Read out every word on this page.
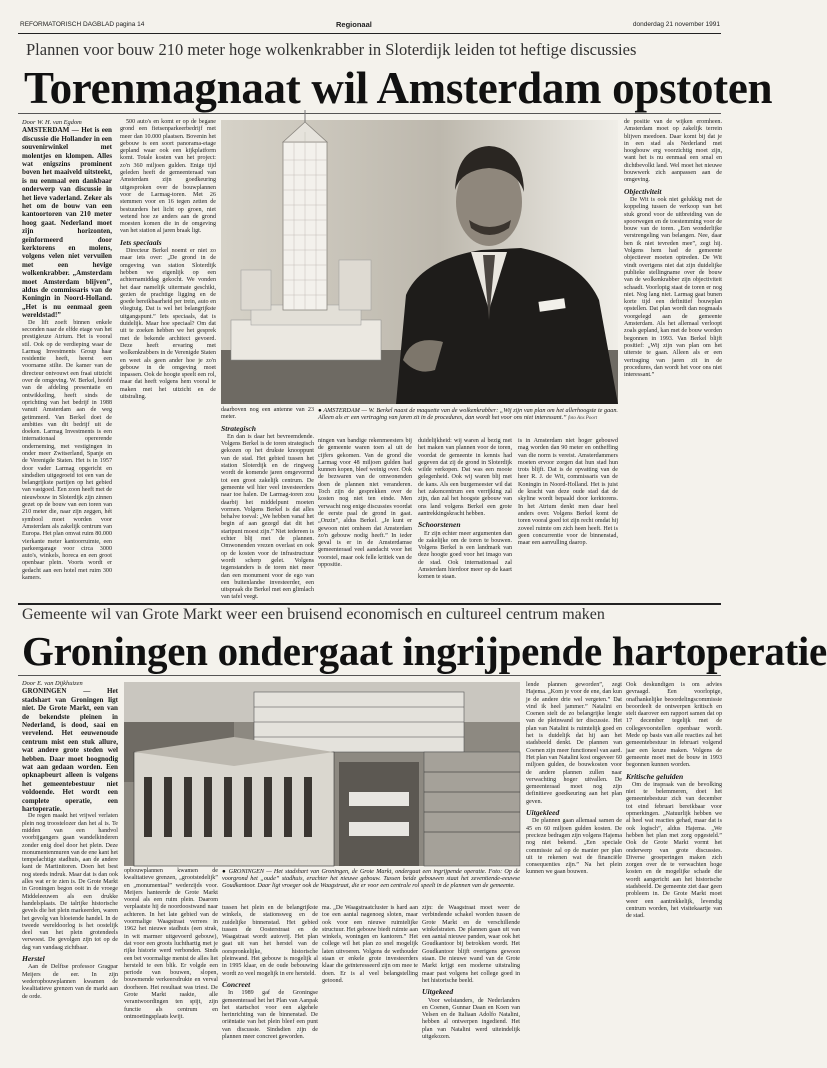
REFORMATORISCH DAGBLAD pagina 14	Regionaal	donderdag 21 november 1991
Plannen voor bouw 210 meter hoge wolkenkrabber in Sloterdijk leiden tot heftige discussies
Torenmagnaat wil Amsterdam opstoten
Door W. H. van Egdom
AMSTERDAM — Het is een discussie die Hollander in een souvenirwinkel met molentjes en klompen. Alles wat enigszins prominent boven het maaiveld uitsteekt, is nu eenmaal een dankbaar onderwerp van discussie in het lieve vaderland. Zeker als het om de bouw van een kantoortoren van 210 meter hoog gaat. Nederland moet zijn horizonten, geïnformeerd door kerktorens en molens, volgens velen niet vervuilen met een hevige wolkenkrabber. „Amsterdam moet Amsterdam blijven”, aldus de commissaris van de Koningin in Noord-Holland. „Het is nu eenmaal geen wereldstad!”

De lift zoeft binnen enkele seconden naar de elfde etage van het prestigieuze Atrium. Het is vooral stil. Ook op de verdieping waar de Larmag Investments Group haar residentie heeft, heerst een voorname stilte. De kamer van de directeur ontvouwt een fraai uitzicht over de omgeving. W. Berkel, hoofd van de afdeling presentatie en ontwikkeling, heeft sinds de oprichting van het bedrijf in 1988 vanuit Amsterdam aan de weg getimmerd. Van Berkel doet de ambities van dit bedrijf uit de doeken. Larmag Investments is een internationaal opererende onderneming, met vestigingen in onder meer Zwitserland, Spanje en de Verenigde Staten. Het is in 1957 door vader Larmag opgericht en sindsdien uitgegroeid tot een van de belangrijkste partijen op het gebied van vastgoed. Een zoon heeft met de nieuwbouw in Sloterdijk zijn zinnen gezet op de bouw van een toren van 210 meter die, naar zijn zeggen, hét symbool moet worden voor Amsterdam als zakelijk centrum van Europa. Het plan omvat ruim 80.000 vierkante meter kantoorruimte, een parkeergarage voor circa 3000 auto's, winkels, horeca en een groot openbaar plein. Voorts wordt er gedacht aan een hotel met ruim 300 kamers.

500 auto's en komt er op de begane grond een fietsenparkeerbedrijf met meer dan 10.000 plaatsen. Bovenin het gebouw is een soort panorama-etage gepland waar ook een kijkplatform komt. Totale kosten van het project: zo'n 360 miljoen gulden. Enige tijd geleden heeft de gemeenteraad van Amsterdam zijn goedkeuring uitgesproken over de bouwplannen voor de Larmag-toren. Met 26 stemmen voor en 16 tegen zetten de bestuurders het licht op groen, niet wetend hoe ze anders aan de grond moesten komen die in de omgeving van het station al jaren braak ligt.

Iets speciaals

Directeur Berkel noemt er niet zo maar iets over: „De grond in de omgeving van station Sloterdijk hebben we eigenlijk op een achternamiddag gekocht. We vonden het daar namelijk uitermate geschikt, gezien de prachtige ligging en de goede bereikbaarheid per trein, auto en vliegtuig. Dat is wel het belangrijkste uitgangspunt.” Iets speciaals, dat is duidelijk. Maar hoe speciaal? Om dat uit te zoeken hebben we het gesprek met de bekende architect gevoerd. Deze heeft ervaring met wolkenkrabbers in de Verenigde Staten en weet als geen ander hoe je zo'n gebouw in de omgeving moet inpassen. Ook de hoogte speelt een rol, maar dat heeft volgens hem vooral te maken met het uitzicht en de uitstraling.

● AMSTERDAM — W. Berkel naast de maquette van de wolkenkrabber: „Wij zijn van plan om het allerhoogste te gaan. Alleen als er een vertraging van jaren zit in de procedures, dan wordt het voor ons niet interessant.” foto Ans Poort

daarboven nog een antenne van 23 meter.

Strategisch

En dan is daar het bevreemdende. Volgens Berkel is de toren strategisch gekozen op het drukste knooppunt van de stad. Het gebied tussen het station Sloterdijk en de ringweg wordt de komende jaren omgevormd tot een groot zakelijk centrum. De gemeente wil hier veel investeerders naar toe halen. De Larmag-toren zou daarbij het middelpunt moeten vormen. Volgens Berkel is dat alles behalve toeval: „We hebben vanaf het begin af aan gezegd dat dit het startpunt moest zijn.” Niet iedereen is echter blij met de plannen. Omwonenden vrezen overlast en ook op de kosten voor de infrastructuur wordt scherp gelet. Volgens tegenstanders is de toren niet meer dan een monument voor de ego van een buitenlandse investeerder, een uitspraak die Berkel met een glimlach van tafel veegt.

ningen van bandige rekenmeesters bij de gemeente waren toen al uit de cijfers gekomen. Van de grond die Larmag voor 48 miljoen gulden had kunnen kopen, bleef weinig over. Ook de bezwaren van de omwonenden doen de plannen niet veranderen. Toch zijn de gesprekken over de kosten nog niet ten einde. Men verwacht nog enige discussies voordat de eerste paal de grond in gaat. „Onzin”, aldus Berkel. „Je kunt er gewoon niet omheen dat Amsterdam zo'n gebouw nodig heeft.” In ieder geval is er in de Amsterdamse gemeenteraad veel aandacht voor het voorstel, maar ook felle kritiek van de oppositie.

duidelijkheid: wij waren al bezig met het maken van plannen voor de toren, voordat de gemeente in kennis had gegeven dat zij de grond in Sloterdijk wilde verkopen. Dat was een mooie gelegenheid. Ook wij waren blij met de kans. Als een burgemeester wil dat het zakencentrum een verrijking zal zijn, dan zal het hoogste gebouw van ons land volgens Berkel een grote aantrekkingskracht hebben.

Schoorstenen

Er zijn echter meer argumenten dan de zakelijke om de toren te bouwen. Volgens Berkel is een landmark van deze hoogte goed voor het imago van de stad. Ook internationaal zal Amsterdam hierdoor meer op de kaart komen te staan.

is in Amsterdam niet hoger gebouwd mag worden dan 90 meter en ontheffing van die norm is vereist. Amsterdammers moeten ervoor zorgen dat hun stad hun trots blijft. Dat is de opvatting van de heer R. J. de Wit, commissaris van de Koningin in Noord-Holland. Het is juist de kracht van deze oude stad dat de skyline wordt bepaald door kerktorens. In het Atrium denkt men daar heel anders over. Volgens Berkel komt de toren vooral goed tot zijn recht omdat hij zoveel ruimte om zich heen heeft. Het is geen concurrentie voor de binnenstad, maar een aanvulling daarop.

de positie van de wijken eromheen. Amsterdam moet op zakelijk terrein blijven meedoen. Daar komt bij dat je in een stad als Nederland met hoogbouw erg voorzichtig moet zijn, want het is nu eenmaal een smal en dichtbevolkt land. Wel moet het nieuwe bouwwerk zich aanpassen aan de omgeving.

Objectiviteit

De Wit is ook niet gelukkig met de koppeling tussen de verkoop van het stuk grond voor de uitbreiding van de spoorwegen en de toestemming voor de bouw van de toren. „Een wonderlijke verstrengeling van belangen. Nee, daar ben ik niet tevreden mee”, zegt hij. Volgens hem had de gemeente objectiever moeten optreden. De Wit vindt overigens niet dat zijn duidelijke publieke stellingname over de bouw van de wolkenkrabber zijn objectiviteit schaadt. Voorlopig staat de toren er nog niet. Nog lang niet. Larmag gaat bunen korte tijd een definitief bouwplan opstellen. Dat plan wordt dan nogmaals voorgelegd aan de gemeente Amsterdam. Als het allemaal verloopt zoals gepland, kan met de bouw worden begonnen in 1993. Van Berkel blijft positief: „Wij zijn van plan om het uiterste te gaan. Alleen als er een vertraging van jaren zit in de procedures, dan wordt het voor ons niet interessant.”

Gemeente wil van Grote Markt weer een bruisend economisch en cultureel centrum maken
Groningen ondergaat ingrijpende hartoperatie
Door E. van Dijkhuizen
GRONINGEN — Het stadshart van Groningen ligt niet. De Grote Markt, een van de bekendste pleinen in Nederland, is dood, saai en vervelend. Het eeuwenoude centrum mist een stuk allure, wat andere grote steden wel hebben. Daar moet hoognodig wat aan gedaan worden. Een opknapbeurt alleen is volgens het gemeentebestuur niet voldoende. Het wordt een complete operatie, een hartoperatie.

De regen maakt het vrijwel verlaten plein nog troostelozer dan het al is. Te midden van een handvol voorbijgangers gaan wandelkinderen zonder enig doel door het plein. Deze monumentenmuren van de ene kant het tempelachtige stadhuis, aan de andere kant de Martinitoren. Doen het best nog steeds indruk. Maar dat is dan ook alles wat er te zien is. De Grote Markt in Groningen begon ooit in de vroege Middeleeuwen als een drukke handelsplaats. De talrijke historische gevels die het plein markeerden, waren het gevolg van bloeiende handel. In de tweede wereldoorlog is het oostelijk deel van het plein grotendeels verwoest. De gevolgen zijn tot op de dag van vandaag zichtbaar.

Herstel

Aan de Delftse professor Gragpar Meijers de eer. In zijn wederopbouwplannen kwamen de kwalitatieve grenzen van de markt aan de orde.

● GRONINGEN — Het stadshart van Groningen, de Grote Markt, ondergaat een ingrijpende operatie. Foto: Op de voorgrond het „oude” stadhuis, erachter het nieuwe gebouw. Tussen beide gebouwen staat het zeventiende-eeuwse Goudkantoor. Daar ligt vroeger ook de Waagstraat, die er voor een centrale rol speelt in de plannen van de gemeente.

opbouwplannen kwamen de kwalitatieve grenzen, „grootstedelijk” en „monumentaal” wederzijds voor. Meijers hanteerde de Grote Markt vooral als een ruim plein. Daarom verplaatste hij de noordoostwand naar achteren. In het late gebied van de voormalige Waagstraat verrees in 1962 het nieuwe stadhuis (een strak, in wit marmer uitgevoerd gebouw), dat voor een groots luchthartig met je rijke historie werd verbonden. Sinds een bet voormalige menist de alles liet hersteld te een blik. Er volgde een periode van bouwen, slopen, bouwmende verkeersdrukte en verval doorheen. Het resultaat was triest. De Grote Markt raakte, alle verantwoordingen ten spijt, zijn functie als centrum en ontmoetingsplaats kwijt.

tussen het plein en de belangrijkste winkels, de stationsweg en de zuidelijke binnenstad. Het gebied tussen de Oosterstraat en de Waagstraat wordt autovrij. Het plan gaat uit van het herstel van de oorspronkelijke, historische pleinwand. Het gebouw is mogelijk al in 1995 klaar, en de oude bebouwing wordt zo veel mogelijk in ere hersteld.

Concreet

In 1989 gaf de Groningse gemeenteraad het het Plan van Aanpak het startschot voor een algehele herinrichting van de binnenstad. De oriëntatie van het plein bleef een punt van discussie. Sindsdien zijn de plannen meer concreet geworden.

ma. „De Waagstraatcluster is hard aan toe een aantal nagenoeg sloten, maar ook voor een nieuwe ruimtelijke structuur. Het gebouw biedt ruimte aan winkels, woningen en kantoren.” Het college wil het plan zo snel mogelijk laten uitvoeren. Volgens de wethouder staan er enkele grote investeerders klaar die geïnteresseerd zijn om mee te doen. Er is al veel belangstelling getoond.

zijn: de Waagstraat moet weer de verbindende schakel worden tussen de Grote Markt en de verschillende winkelstraten. De plannen gaan uit van een aantal nieuwe panden, waar ook het Goudkantoor bij betrokken wordt. Het Goudkantoor blijft overigens gewoon staan. De nieuwe wand van de Grote Markt krijgt een moderne uitstraling maar past volgens het college goed in het historische beeld.

Uitgekeed

Voor welstanders, de Nederlanders en Coenen, Gunnar Daan en Koen van Velsen en de Italiaan Adolfo Natalini, hebben al ontwerpen ingediend. Het plan van Natalini werd uiteindelijk uitgekozen.

lende plannen geworden”, zegt Hajema. „Kom je voor de ene, dan kun je de andere drie wel vergeten.” Dat vind ik heel jammer.” Natalini en Coenen stelt de zo belangrijke lengte van de pleinwand ter discussie. Het plan van Natalini is ruimtelijk goed en het is duidelijk dat hij aan het stadsbeeld denkt. De plannen van Coenen zijn meer functioneel van aard. Het plan van Natalini kost ongeveer 60 miljoen gulden, de bouwkosten voor de andere plannen zullen naar verwachting hoger uitvallen. De gemeenteraad moet nog zijn definitieve goedkeuring aan het plan geven.

Uitgekleed

De plannen gaan allemaal samen de 45 en 60 miljoen gulden kosten. De precieze bedragen zijn volgens Hajema nog niet bekend. „Een speciale commissie zal op de manier per plan uit te rekenen wat de financiële consequenties zijn.” Na het plein kunnen we gaan bouwen.

Ook deskundigen is om advies gevraagd. Een voorlopige, onafhankelijke beoordelingscommissie beoordeelt de ontwerpen kritisch en stelt daarover een rapport samen dat op 17 december tegelijk met de collegevoorstellen openbaar wordt. Mede op basis van alle reacties zal het gemeentebestuur in februari volgend jaar een keuze maken. Volgens de gemeente moet met de bouw in 1993 begonnen kunnen worden.

Kritische geluiden

Om de inspraak van de bevolking niet te belemmeren, doet het gemeentebestuur zich van december tot eind februari bereikbaar voor opmerkingen. „Natuurlijk hebben we al heel wat reacties gehad, maar dat is ook logisch”, aldus Hajema. „We hebben het plan met zorg opgesteld.” Ook de Grote Markt vormt het onderwerp van grote discussies. Diverse groeperingen maken zich zorgen over de te verwachten hoge kosten en de mogelijke schade die wordt aangericht aan het historische stadsbeeld. De gemeente ziet daar geen probleem in. De Grote Markt moet weer een aantrekkelijk, levendig centrum worden, het visitekaartje van de stad.
